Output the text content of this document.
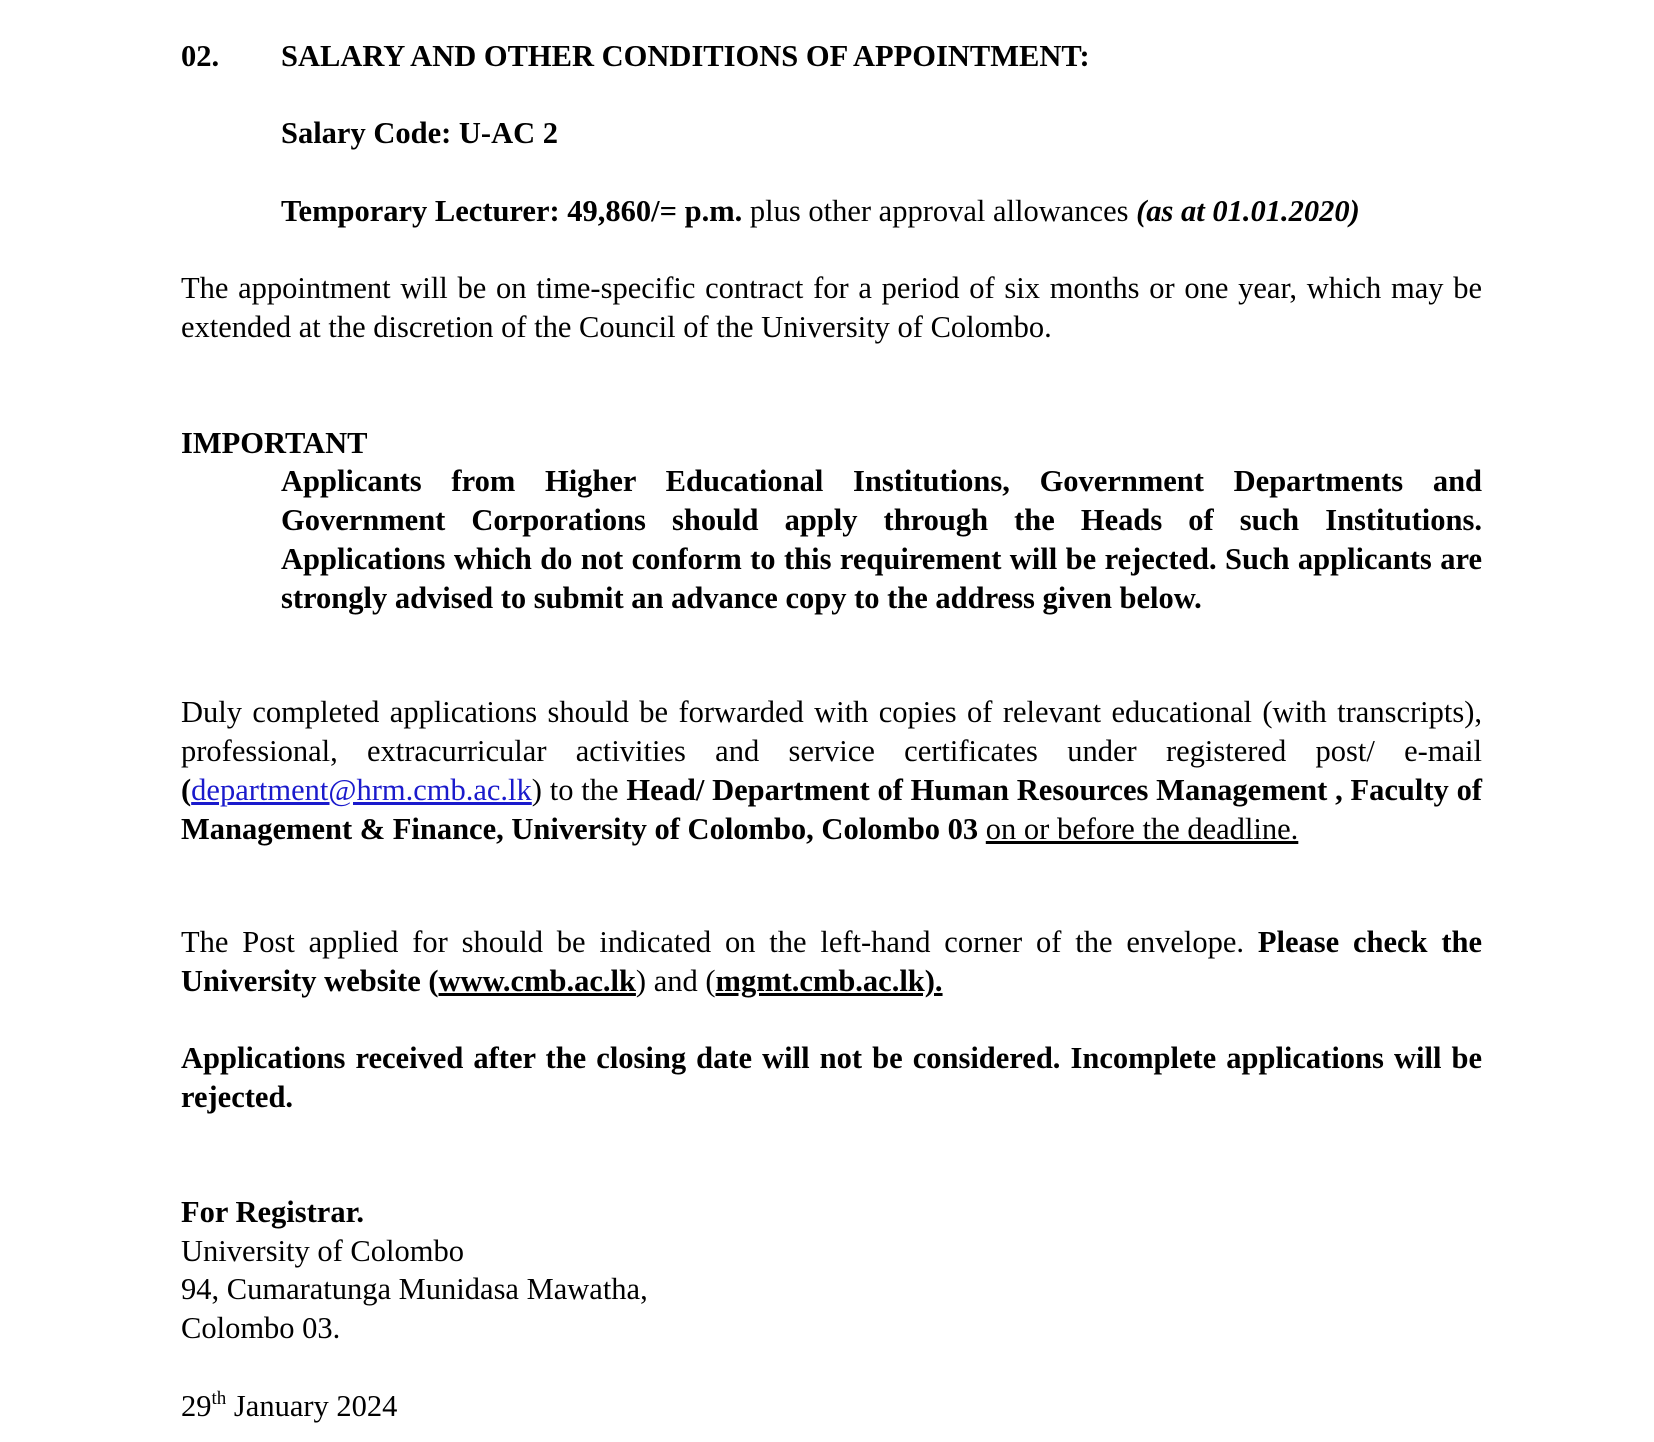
02. SALARY AND OTHER CONDITIONS OF APPOINTMENT:

Salary Code: U-AC 2

Temporary Lecturer: 49,860/= p.m. plus other approval allowances (as at 01.01.2020)

The appointment will be on time-specific contract for a period of six months or one year, which may be extended at the discretion of the Council of the University of Colombo.

IMPORTANT

Applicants from Higher Educational Institutions, Government Departments and Government Corporations should apply through the Heads of such Institutions. Applications which do not conform to this requirement will be rejected. Such applicants are strongly advised to submit an advance copy to the address given below.

Duly completed applications should be forwarded with copies of relevant educational (with transcripts), professional, extracurricular activities and service certificates under registered post/ e-mail (department@hrm.cmb.ac.lk) to the Head/ Department of Human Resources Management , Faculty of Management & Finance, University of Colombo, Colombo 03 on or before the deadline.

The Post applied for should be indicated on the left-hand corner of the envelope. Please check the University website (www.cmb.ac.lk) and (mgmt.cmb.ac.lk).

Applications received after the closing date will not be considered. Incomplete applications will be rejected.

For Registrar.

University of Colombo

94, Cumaratunga Munidasa Mawatha,

Colombo 03.

29th January 2024
